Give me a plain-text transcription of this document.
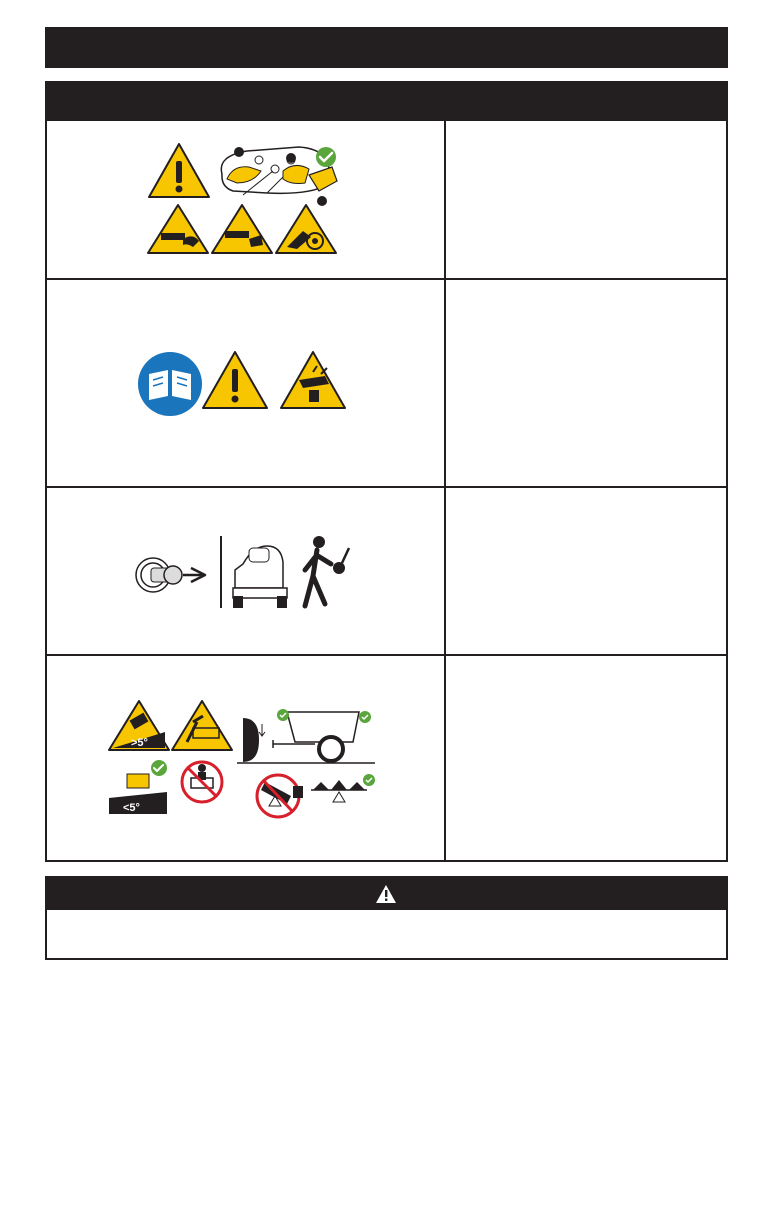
>5°
<5°
